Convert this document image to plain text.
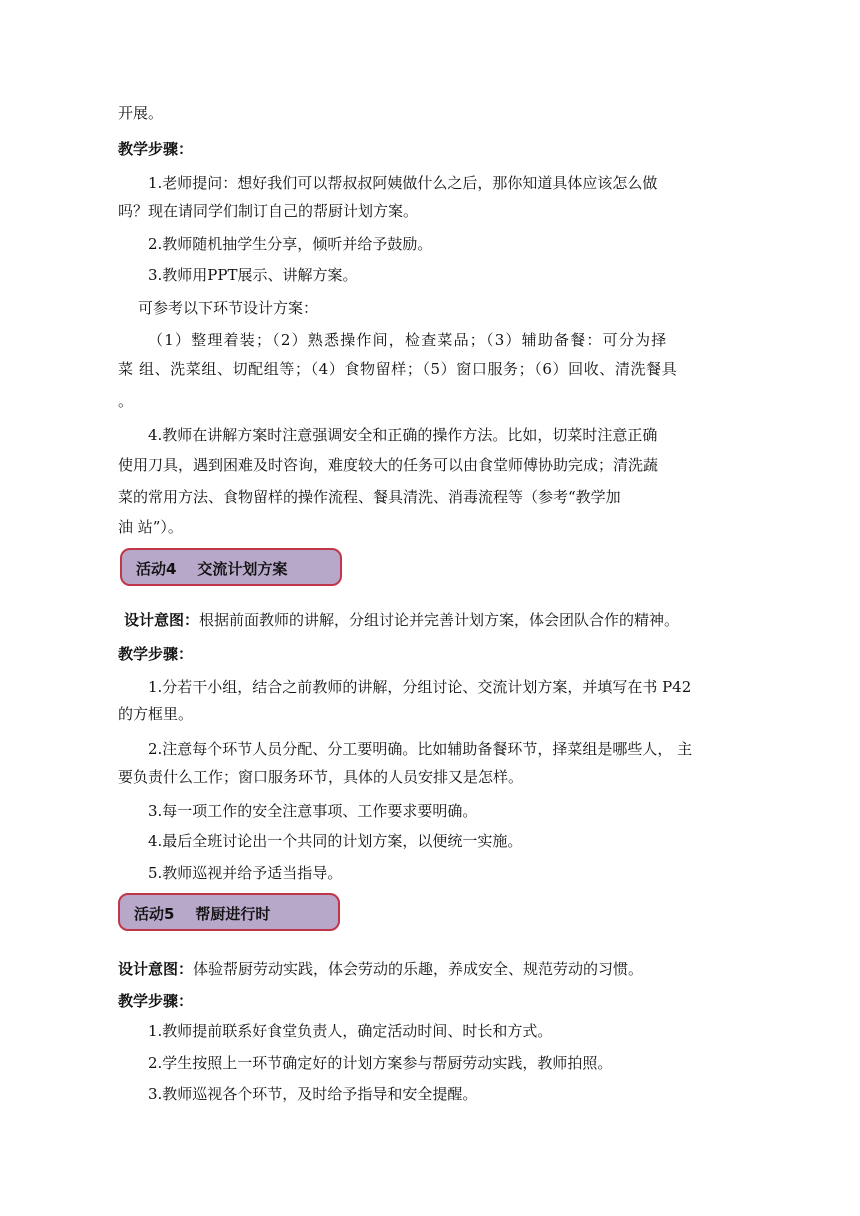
开展。
教学步骤：
1.老师提问：想好我们可以帮叔叔阿姨做什么之后，那你知道具体应该怎么做
吗？现在请同学们制订自己的帮厨计划方案。
2.教师随机抽学生分享，倾听并给予鼓励。
3.教师用PPT展示、讲解方案。
可参考以下环节设计方案：
（1）整理着装；（2）熟悉操作间，检查菜品；（3）辅助备餐：可分为择
菜 组、洗菜组、切配组等；（4）食物留样；（5）窗口服务；（6）回收、清洗餐具
。
4.教师在讲解方案时注意强调安全和正确的操作方法。比如，切菜时注意正确
使用刀具，遇到困难及时咨询，难度较大的任务可以由食堂师傅协助完成；清洗蔬
菜的常用方法、食物留样的操作流程、餐具清洗、消毒流程等（参考“教学加
油 站”）。
活动4    交流计划方案
设计意图：根据前面教师的讲解，分组讨论并完善计划方案，体会团队合作的精神。
教学步骤：
1.分若干小组，结合之前教师的讲解，分组讨论、交流计划方案，并填写在书 P42
的方框里。
2.注意每个环节人员分配、分工要明确。比如辅助备餐环节，择菜组是哪些人， 主
要负责什么工作；窗口服务环节，具体的人员安排又是怎样。
3.每一项工作的安全注意事项、工作要求要明确。
4.最后全班讨论出一个共同的计划方案，以便统一实施。
5.教师巡视并给予适当指导。
活动5    帮厨进行时
设计意图：体验帮厨劳动实践，体会劳动的乐趣，养成安全、规范劳动的习惯。
教学步骤：
1.教师提前联系好食堂负责人，确定活动时间、时长和方式。
2.学生按照上一环节确定好的计划方案参与帮厨劳动实践，教师拍照。
3.教师巡视各个环节，及时给予指导和安全提醒。
